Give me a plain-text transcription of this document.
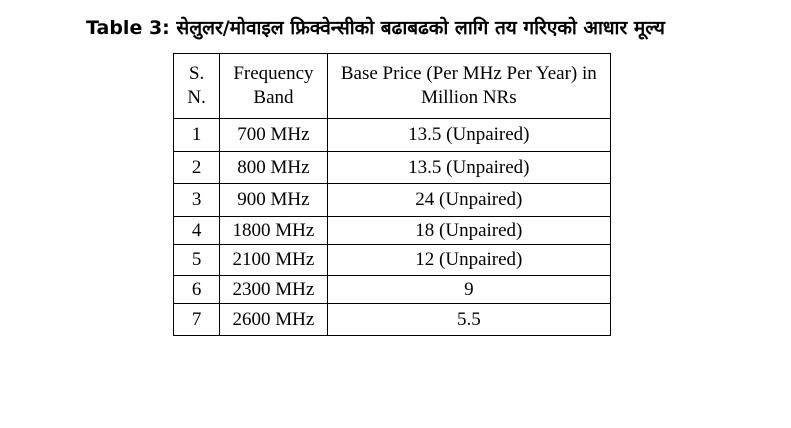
Table 3: सेलुलर/मोवाइल फ्रिक्वेन्सीको बढाबढको लागि तय गरिएको आधार मूल्य
S. N.	Frequency Band	Base Price (Per MHz Per Year) in Million NRs
1	700 MHz	13.5 (Unpaired)
2	800 MHz	13.5 (Unpaired)
3	900 MHz	24 (Unpaired)
4	1800 MHz	18 (Unpaired)
5	2100 MHz	12 (Unpaired)
6	2300 MHz	9
7	2600 MHz	5.5
